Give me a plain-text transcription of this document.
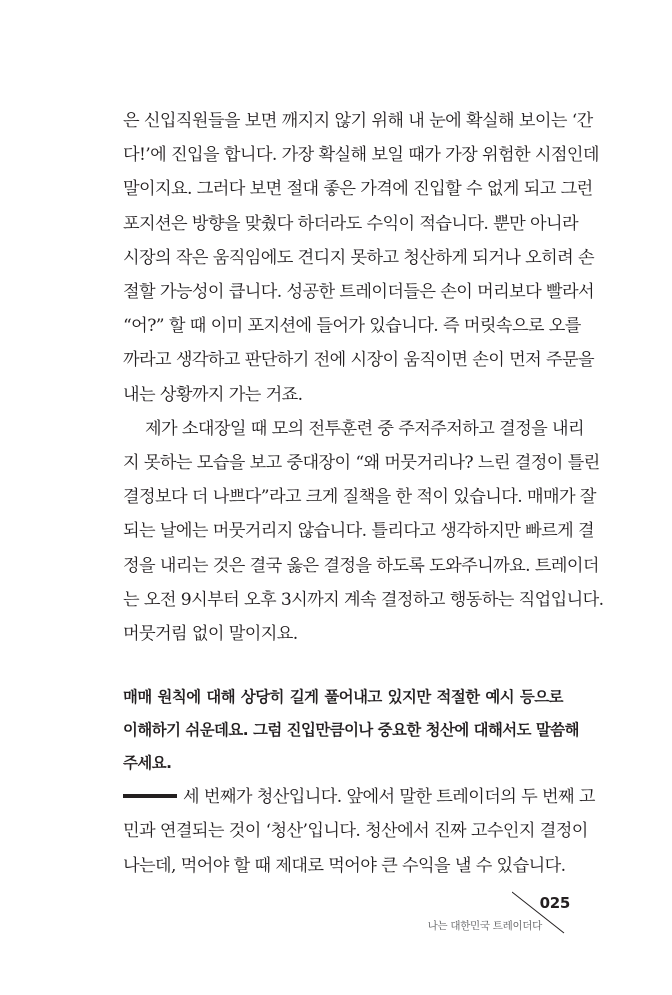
은 신입직원들을 보면 깨지지 않기 위해 내 눈에 확실해 보이는 ‘간
다!’에 진입을 합니다. 가장 확실해 보일 때가 가장 위험한 시점인데
말이지요. 그러다 보면 절대 좋은 가격에 진입할 수 없게 되고 그런
포지션은 방향을 맞췄다 하더라도 수익이 적습니다. 뿐만 아니라
시장의 작은 움직임에도 견디지 못하고 청산하게 되거나 오히려 손
절할 가능성이 큽니다. 성공한 트레이더들은 손이 머리보다 빨라서
“어?” 할 때 이미 포지션에 들어가 있습니다. 즉 머릿속으로 오를
까라고 생각하고 판단하기 전에 시장이 움직이면 손이 먼저 주문을
내는 상황까지 가는 거죠.
제가 소대장일 때 모의 전투훈련 중 주저주저하고 결정을 내리
지 못하는 모습을 보고 중대장이 “왜 머뭇거리나? 느린 결정이 틀린
결정보다 더 나쁘다”라고 크게 질책을 한 적이 있습니다. 매매가 잘
되는 날에는 머뭇거리지 않습니다. 틀리다고 생각하지만 빠르게 결
정을 내리는 것은 결국 옳은 결정을 하도록 도와주니까요. 트레이더
는 오전 9시부터 오후 3시까지 계속 결정하고 행동하는 직업입니다.
머뭇거림 없이 말이지요.
매매 원칙에 대해 상당히 길게 풀어내고 있지만 적절한 예시 등으로
이해하기 쉬운데요. 그럼 진입만큼이나 중요한 청산에 대해서도 말씀해
주세요.
세 번째가 청산입니다. 앞에서 말한 트레이더의 두 번째 고
민과 연결되는 것이 ‘청산’입니다. 청산에서 진짜 고수인지 결정이
나는데, 먹어야 할 때 제대로 먹어야 큰 수익을 낼 수 있습니다.
025
나는 대한민국 트레이더다
